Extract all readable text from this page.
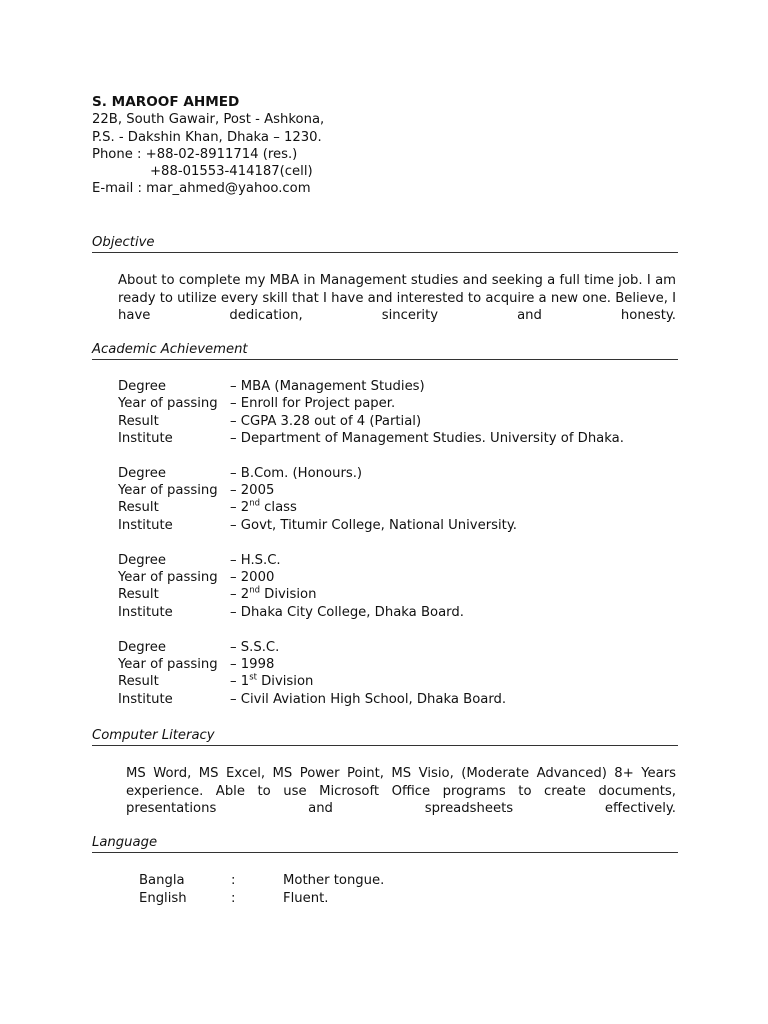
S. MAROOF AHMED
22B, South Gawair, Post - Ashkona,
P.S. - Dakshin Khan, Dhaka – 1230.
Phone : +88-02-8911714 (res.)
+88-01553-414187(cell)
E-mail : mar_ahmed@yahoo.com
Objective
About to complete my MBA in Management studies and seeking a full time job. I am ready to utilize every skill that I have and interested to acquire a new one. Believe, I have dedication, sincerity and honesty.
Academic Achievement
Degree	– MBA (Management Studies)
Year of passing – Enroll for Project paper.
Result	– CGPA 3.28 out of 4 (Partial)
Institute	– Department of Management Studies. University of Dhaka.
Degree	– B.Com. (Honours.)
Year of passing – 2005
Result	– 2nd class
Institute	– Govt, Titumir College, National University.
Degree	– H.S.C.
Year of passing – 2000
Result	– 2nd Division
Institute	– Dhaka City College, Dhaka Board.
Degree	– S.S.C.
Year of passing – 1998
Result	– 1st Division
Institute	– Civil Aviation High School, Dhaka Board.
Computer Literacy
MS Word, MS Excel, MS Power Point, MS Visio, (Moderate Advanced) 8+ Years experience. Able to use Microsoft Office programs to create documents, presentations and spreadsheets effectively.
Language
Bangla	:	Mother tongue.
English	:	Fluent.
